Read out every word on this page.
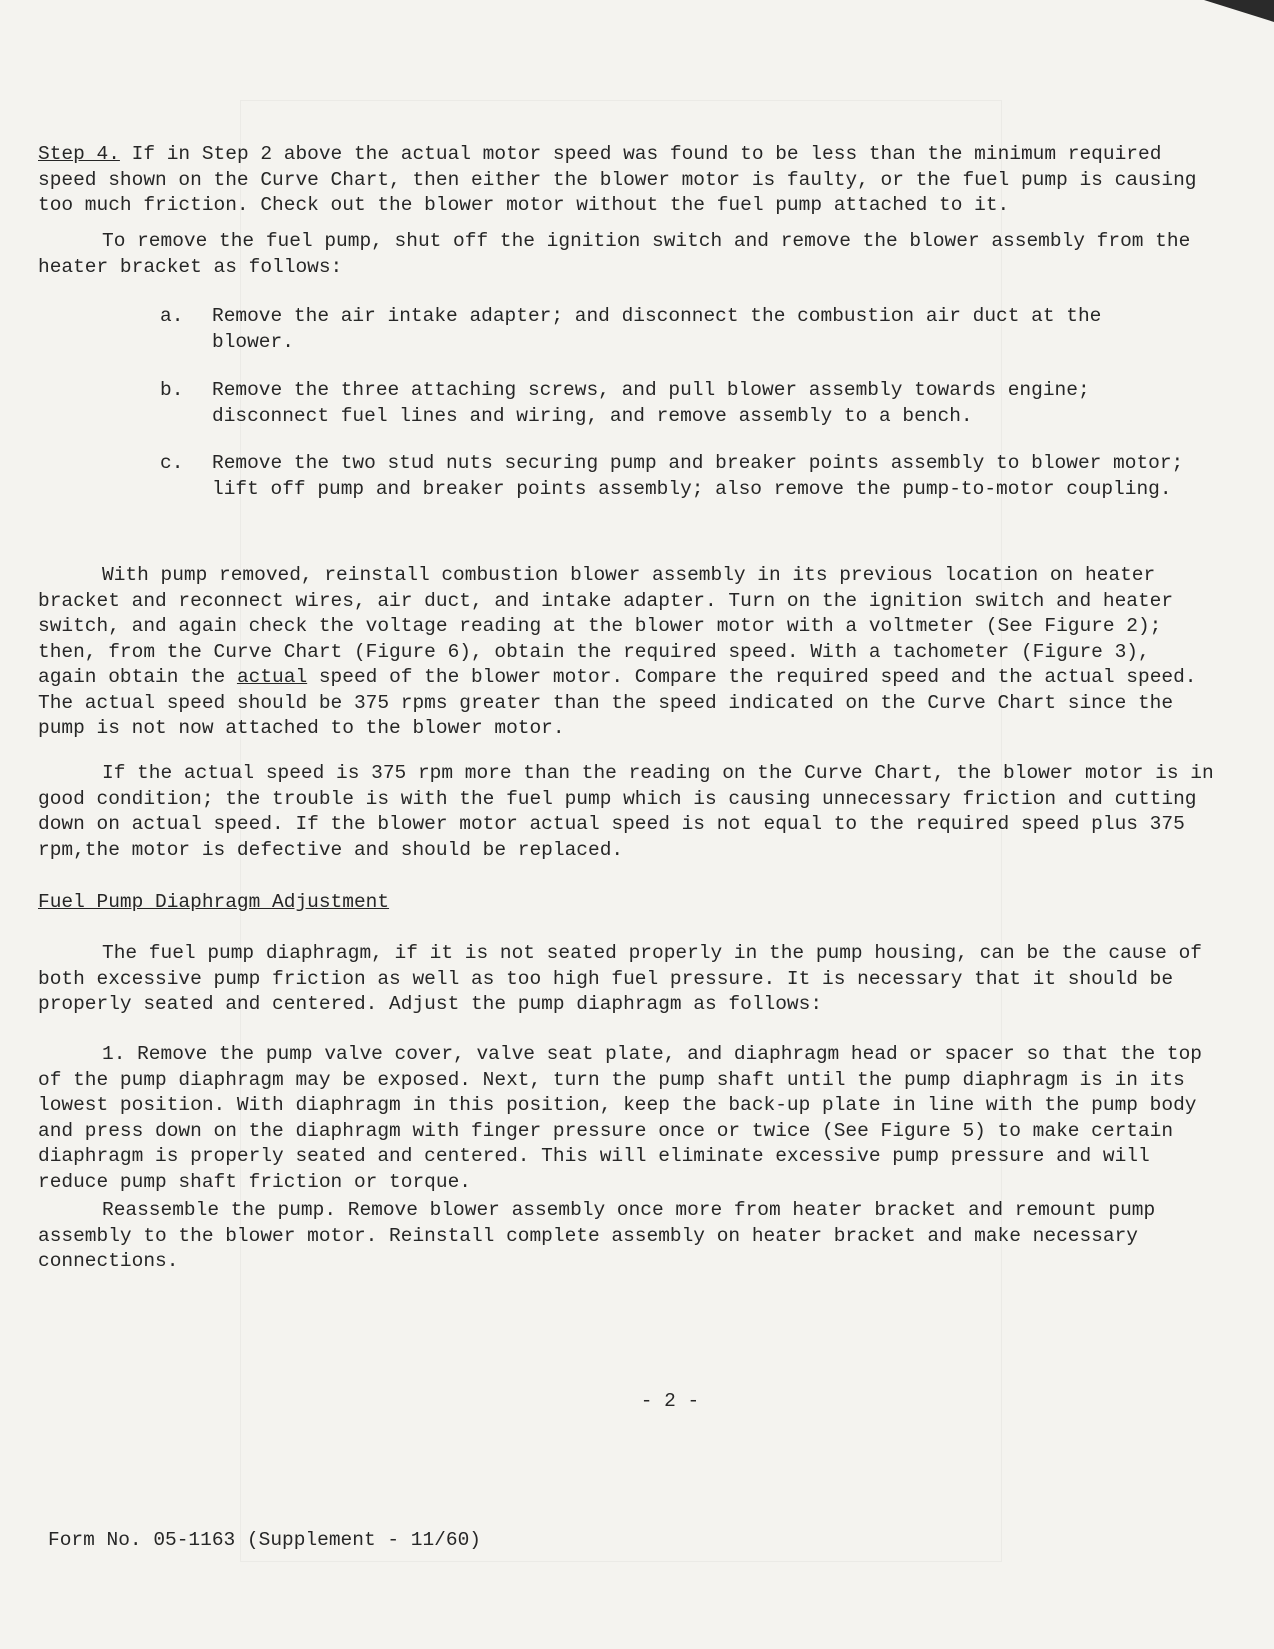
Step 4. If in Step 2 above the actual motor speed was found to be less than the minimum required speed shown on the Curve Chart, then either the blower motor is faulty, or the fuel pump is causing too much friction. Check out the blower motor without the fuel pump attached to it.

To remove the fuel pump, shut off the ignition switch and remove the blower assembly from the heater bracket as follows:

a.	Remove the air intake adapter; and disconnect the combustion air duct at the blower.
b.	Remove the three attaching screws, and pull blower assembly towards engine; disconnect fuel lines and wiring, and remove assembly to a bench.
c.	Remove the two stud nuts securing pump and breaker points assembly to blower motor; lift off pump and breaker points assembly; also remove the pump-to-motor coupling.

With pump removed, reinstall combustion blower assembly in its previous location on heater bracket and reconnect wires, air duct, and intake adapter. Turn on the ignition switch and heater switch, and again check the voltage reading at the blower motor with a voltmeter (See Figure 2); then, from the Curve Chart (Figure 6), obtain the required speed. With a tachometer (Figure 3), again obtain the actual speed of the blower motor. Compare the required speed and the actual speed. The actual speed should be 375 rpms greater than the speed indicated on the Curve Chart since the pump is not now attached to the blower motor.

If the actual speed is 375 rpm more than the reading on the Curve Chart, the blower motor is in good condition; the trouble is with the fuel pump which is causing unnecessary friction and cutting down on actual speed. If the blower motor actual speed is not equal to the required speed plus 375 rpm,the motor is defective and should be replaced.

Fuel Pump Diaphragm Adjustment

The fuel pump diaphragm, if it is not seated properly in the pump housing, can be the cause of both excessive pump friction as well as too high fuel pressure. It is necessary that it should be properly seated and centered. Adjust the pump diaphragm as follows:

1. Remove the pump valve cover, valve seat plate, and diaphragm head or spacer so that the top of the pump diaphragm may be exposed. Next, turn the pump shaft until the pump diaphragm is in its lowest position. With diaphragm in this position, keep the back-up plate in line with the pump body and press down on the diaphragm with finger pressure once or twice (See Figure 5) to make certain diaphragm is properly seated and centered. This will eliminate excessive pump pressure and will reduce pump shaft friction or torque.

Reassemble the pump. Remove blower assembly once more from heater bracket and remount pump assembly to the blower motor. Reinstall complete assembly on heater bracket and make necessary connections.

- 2 -
Form No. 05-1163 (Supplement - 11/60)
